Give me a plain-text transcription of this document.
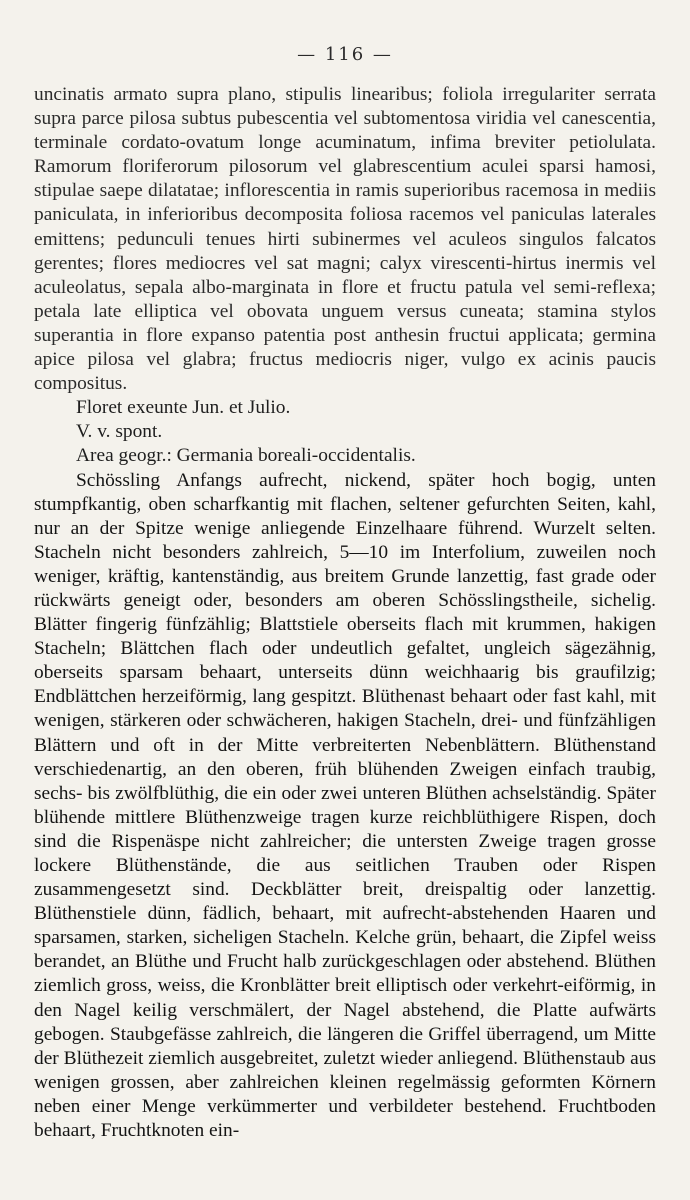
— 116 —

uncinatis armato supra plano, stipulis linearibus; foliola irregulariter serrata supra parce pilosa subtus pubescentia vel subtomentosa viridia vel canescentia, terminale cordato-ovatum longe acuminatum, infima breviter petiolulata. Ramorum floriferorum pilosorum vel glabrescentium aculei sparsi hamosi, stipulae saepe dilatatae; inflorescentia in ramis superioribus racemosa in mediis paniculata, in inferioribus decomposita foliosa racemos vel paniculas laterales emittens; pedunculi tenues hirti subinermes vel aculeos singulos falcatos gerentes; flores mediocres vel sat magni; calyx virescenti-hirtus inermis vel aculeolatus, sepala albo-marginata in flore et fructu patula vel semi-reflexa; petala late elliptica vel obovata unguem versus cuneata; stamina stylos superantia in flore expanso patentia post anthesin fructui applicata; germina apice pilosa vel glabra; fructus mediocris niger, vulgo ex acinis paucis compositus.

Floret exeunte Jun. et Julio.

V. v. spont.

Area geogr.: Germania boreali-occidentalis.

Schössling Anfangs aufrecht, nickend, später hoch bogig, unten stumpfkantig, oben scharfkantig mit flachen, seltener gefurchten Seiten, kahl, nur an der Spitze wenige anliegende Einzelhaare führend. Wurzelt selten. Stacheln nicht besonders zahlreich, 5—10 im Interfolium, zuweilen noch weniger, kräftig, kantenständig, aus breitem Grunde lanzettig, fast grade oder rückwärts geneigt oder, besonders am oberen Schösslingstheile, sichelig. Blätter fingerig fünfzählig; Blattstiele oberseits flach mit krummen, hakigen Stacheln; Blättchen flach oder undeutlich gefaltet, ungleich sägezähnig, oberseits sparsam behaart, unterseits dünn weichhaarig bis graufilzig; Endblättchen herzeiförmig, lang gespitzt. Blüthenast behaart oder fast kahl, mit wenigen, stärkeren oder schwächeren, hakigen Stacheln, drei- und fünfzähligen Blättern und oft in der Mitte verbreiterten Nebenblättern. Blüthenstand verschiedenartig, an den oberen, früh blühenden Zweigen einfach traubig, sechs- bis zwölfblüthig, die ein oder zwei unteren Blüthen achselständig. Später blühende mittlere Blüthenzweige tragen kurze reichblüthigere Rispen, doch sind die Rispenäspe nicht zahlreicher; die untersten Zweige tragen grosse lockere Blüthenstände, die aus seitlichen Trauben oder Rispen zusammengesetzt sind. Deckblätter breit, dreispaltig oder lanzettig. Blüthenstiele dünn, fädlich, behaart, mit aufrecht-abstehenden Haaren und sparsamen, starken, sicheligen Stacheln. Kelche grün, behaart, die Zipfel weiss berandet, an Blüthe und Frucht halb zurückgeschlagen oder abstehend. Blüthen ziemlich gross, weiss, die Kronblätter breit elliptisch oder verkehrt-eiförmig, in den Nagel keilig verschmälert, der Nagel abstehend, die Platte aufwärts gebogen. Staubgefässe zahlreich, die längeren die Griffel überragend, um Mitte der Blüthezeit ziemlich ausgebreitet, zuletzt wieder anliegend. Blüthenstaub aus wenigen grossen, aber zahlreichen kleinen regelmässig geformten Körnern neben einer Menge verkümmerter und verbildeter bestehend. Fruchtboden behaart, Fruchtknoten ein-
